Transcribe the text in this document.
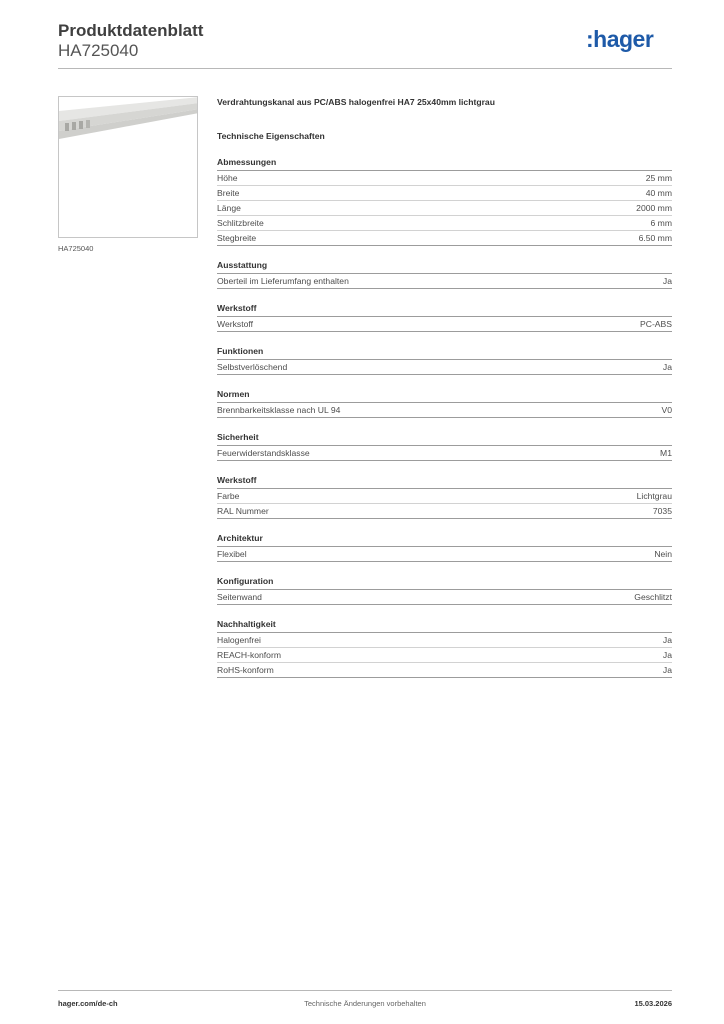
Produktdatenblatt
HA725040	:hager
HA725040
Verdrahtungskanal aus PC/ABS halogenfrei HA7 25x40mm lichtgrau
Technische Eigenschaften
Abmessungen
Höhe	25 mm
Breite	40 mm
Länge	2000 mm
Schlitzbreite	6 mm
Stegbreite	6.50 mm
Ausstattung
Oberteil im Lieferumfang enthalten	Ja
Werkstoff
Werkstoff	PC-ABS
Funktionen
Selbstverlöschend	Ja
Normen
Brennbarkeitsklasse nach UL 94	V0
Sicherheit
Feuerwiderstandsklasse	M1
Werkstoff
Farbe	Lichtgrau
RAL Nummer	7035
Architektur
Flexibel	Nein
Konfiguration
Seitenwand	Geschlitzt
Nachhaltigkeit
Halogenfrei	Ja
REACH-konform	Ja
RoHS-konform	Ja
hager.com/de-ch	Technische Änderungen vorbehalten	15.03.2026
